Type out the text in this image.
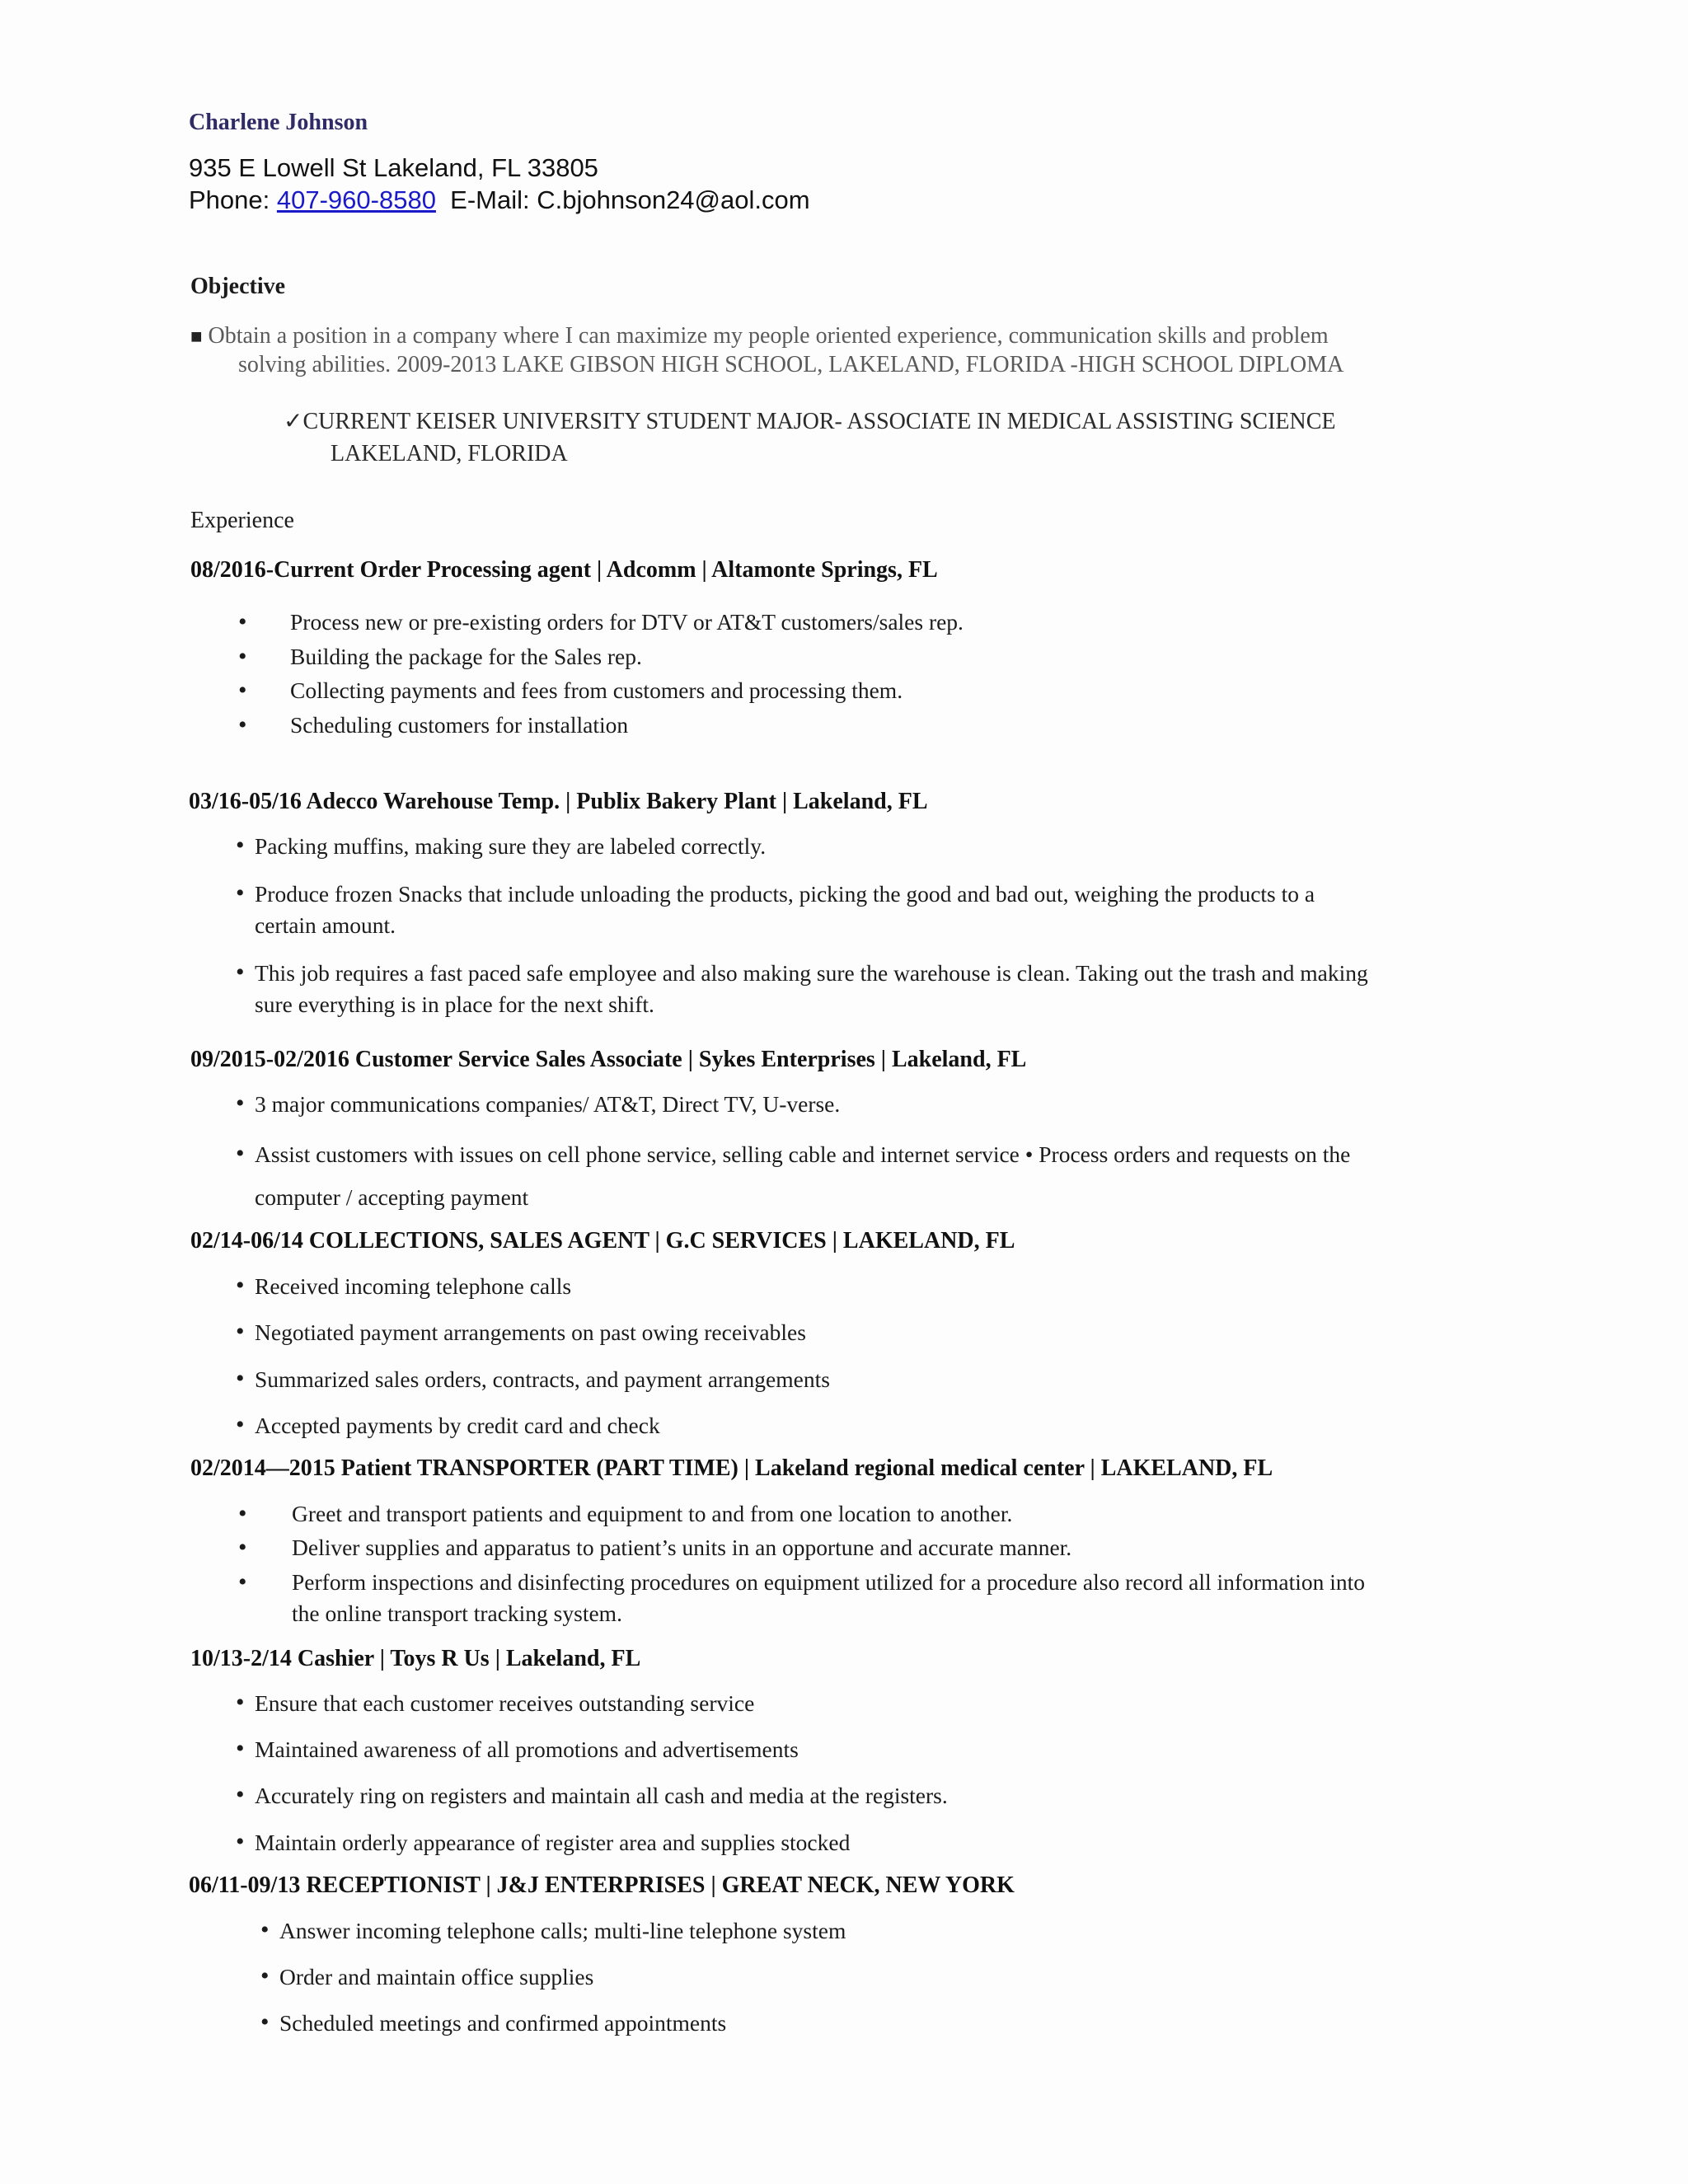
Charlene Johnson
935 E Lowell St Lakeland, FL 33805
Phone: 407-960-8580 E-Mail: C.bjohnson24@aol.com
Objective
■ Obtain a position in a company where I can maximize my people oriented experience, communication skills and problem
solving abilities. 2009-2013 LAKE GIBSON HIGH SCHOOL, LAKELAND, FLORIDA -HIGH SCHOOL DIPLOMA
✓CURRENT KEISER UNIVERSITY STUDENT MAJOR- ASSOCIATE IN MEDICAL ASSISTING SCIENCE
LAKELAND, FLORIDA
Experience
08/2016-Current Order Processing agent | Adcomm | Altamonte Springs, FL
• Process new or pre-existing orders for DTV or AT&T customers/sales rep.
• Building the package for the Sales rep.
• Collecting payments and fees from customers and processing them.
• Scheduling customers for installation
03/16-05/16 Adecco Warehouse Temp. | Publix Bakery Plant | Lakeland, FL
• Packing muffins, making sure they are labeled correctly.
• Produce frozen Snacks that include unloading the products, picking the good and bad out, weighing the products to a
certain amount.
• This job requires a fast paced safe employee and also making sure the warehouse is clean. Taking out the trash and making
sure everything is in place for the next shift.
09/2015-02/2016 Customer Service Sales Associate | Sykes Enterprises | Lakeland, FL
• 3 major communications companies/ AT&T, Direct TV, U-verse.
• Assist customers with issues on cell phone service, selling cable and internet service • Process orders and requests on the
computer / accepting payment
02/14-06/14 COLLECTIONS, SALES AGENT | G.C SERVICES | LAKELAND, FL
• Received incoming telephone calls
• Negotiated payment arrangements on past owing receivables
• Summarized sales orders, contracts, and payment arrangements
• Accepted payments by credit card and check
02/2014—2015 Patient TRANSPORTER (PART TIME) | Lakeland regional medical center | LAKELAND, FL
• Greet and transport patients and equipment to and from one location to another.
• Deliver supplies and apparatus to patient’s units in an opportune and accurate manner.
• Perform inspections and disinfecting procedures on equipment utilized for a procedure also record all information into
the online transport tracking system.
10/13-2/14 Cashier | Toys R Us | Lakeland, FL
• Ensure that each customer receives outstanding service
• Maintained awareness of all promotions and advertisements
• Accurately ring on registers and maintain all cash and media at the registers.
• Maintain orderly appearance of register area and supplies stocked
06/11-09/13 RECEPTIONIST | J&J ENTERPRISES | GREAT NECK, NEW YORK
• Answer incoming telephone calls; multi-line telephone system
• Order and maintain office supplies
• Scheduled meetings and confirmed appointments
